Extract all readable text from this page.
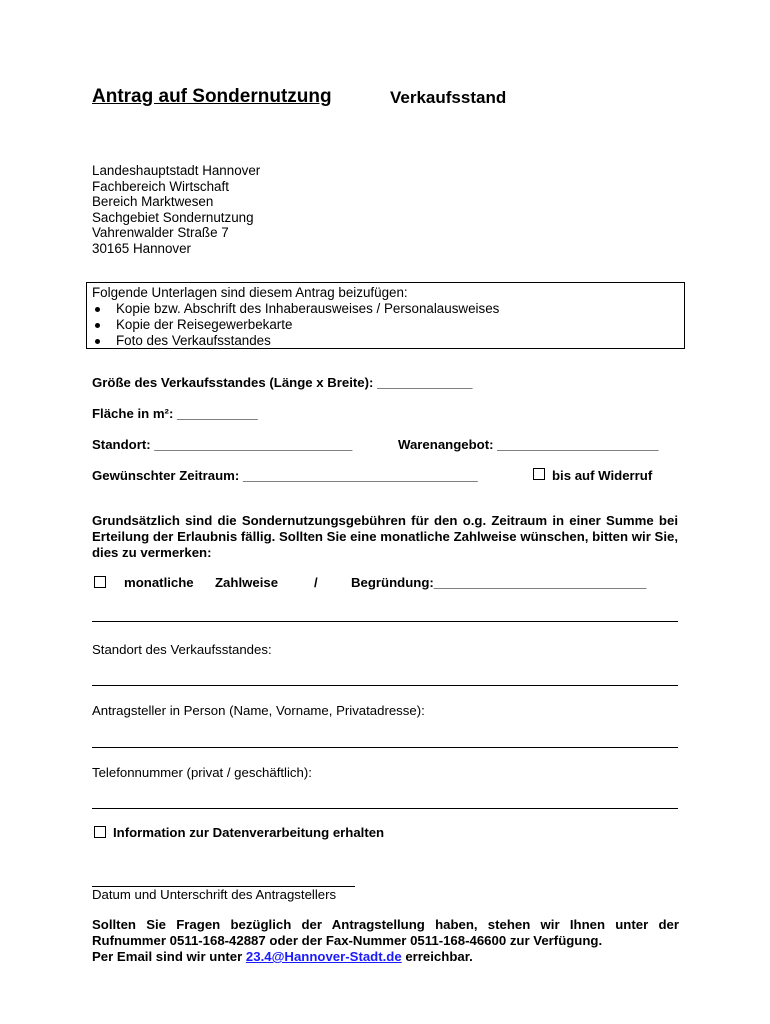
Antrag auf Sondernutzung	Verkaufsstand
Landeshauptstadt Hannover
Fachbereich Wirtschaft
Bereich Marktwesen
Sachgebiet Sondernutzung
Vahrenwalder Straße 7
30165 Hannover
Folgende Unterlagen sind diesem Antrag beizufügen:
Kopie bzw. Abschrift des Inhaberausweises / Personalausweises
Kopie der Reisegewerbekarte
Foto des Verkaufsstandes
Größe des Verkaufsstandes (Länge x Breite): _____________
Fläche in m²: ___________
Standort: ___________________________	Warenangebot: ______________________
Gewünschter Zeitraum: ________________________________	bis auf Widerruf
Grundsätzlich sind die Sondernutzungsgebühren für den o.g. Zeitraum in einer Summe bei Erteilung der Erlaubnis fällig. Sollten Sie eine monatliche Zahlweise wünschen, bitten wir Sie, dies zu vermerken:
monatliche Zahlweise	/	Begründung:_____________________________
Standort des Verkaufsstandes:
Antragsteller in Person (Name, Vorname, Privatadresse):
Telefonnummer (privat / geschäftlich):
Information zur Datenverarbeitung erhalten
Datum und Unterschrift des Antragstellers
Sollten Sie Fragen bezüglich der Antragstellung haben, stehen wir Ihnen unter der Rufnummer 0511-168-42887 oder der Fax-Nummer 0511-168-46600 zur Verfügung.
Per Email sind wir unter 23.4@Hannover-Stadt.de erreichbar.
